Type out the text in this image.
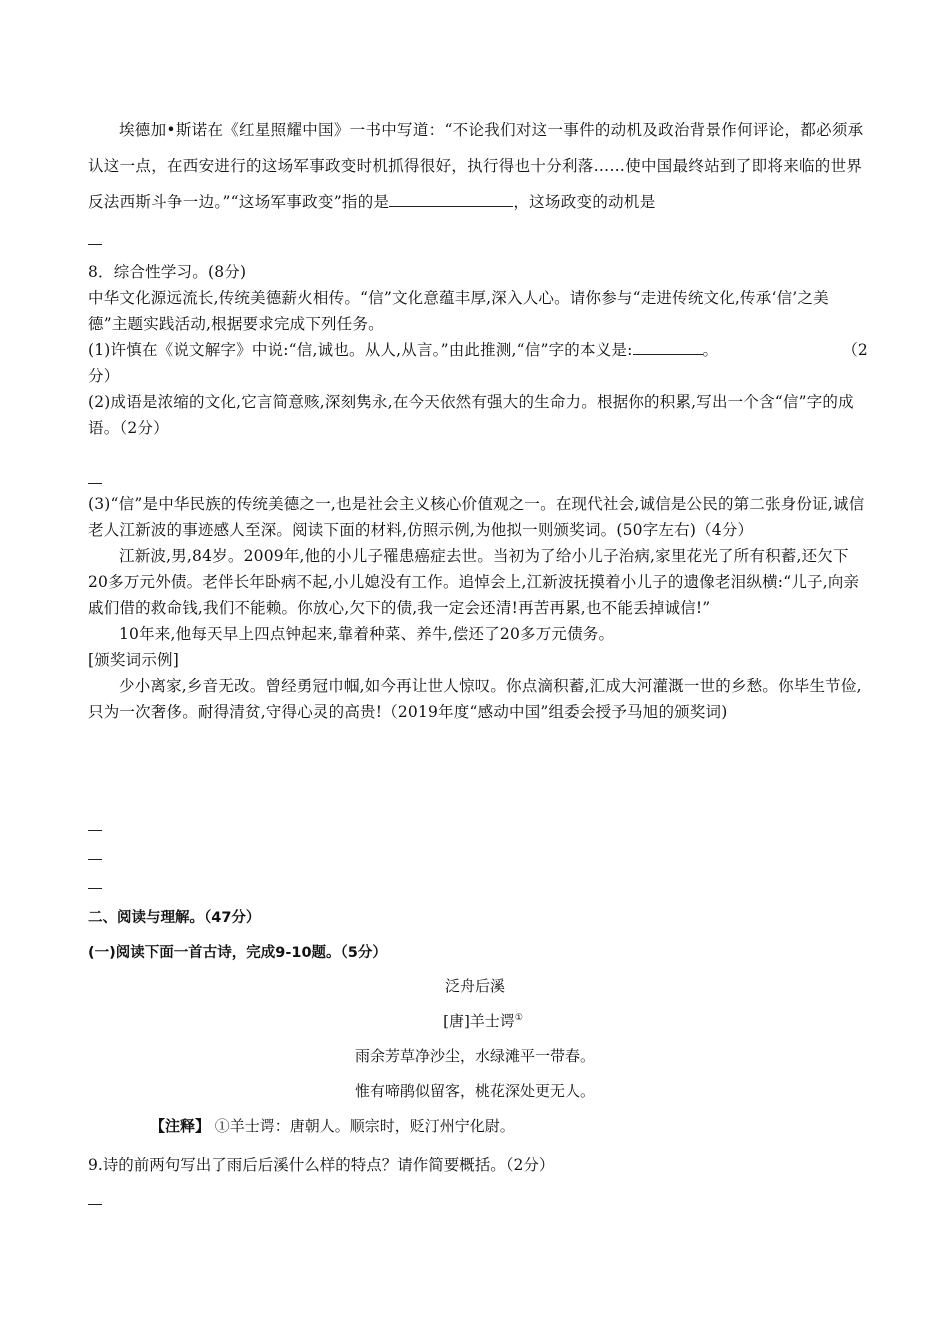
埃德加•斯诺在《红星照耀中国》一书中写道：“不论我们对这一事件的动机及政治背景作何评论，都必须承认这一点，在西安进行的这场军事政变时机抓得很好，执行得也十分利落……使中国最终站到了即将来临的世界反法西斯斗争一边。”“这场军事政变”指的是	，这场政变的动机是
8．综合性学习。(8分)
中华文化源远流长,传统美德薪火相传。“信”文化意蕴丰厚,深入人心。请你参与“走进传统文化,传承‘信’之美德”主题实践活动,根据要求完成下列任务。
(1)许慎在《说文解字》中说:“信,诚也。从人,从言。”由此推测,“信”字的本义是:	。	（2
分）
(2)成语是浓缩的文化,它言简意赅,深刻隽永,在今天依然有强大的生命力。根据你的积累,写出一个含“信”字的成语。（2分）
(3)“信”是中华民族的传统美德之一,也是社会主义核心价值观之一。在现代社会,诚信是公民的第二张身份证,诚信老人江新波的事迹感人至深。阅读下面的材料,仿照示例,为他拟一则颁奖词。(50字左右)（4分）
江新波,男,84岁。2009年,他的小儿子罹患癌症去世。当初为了给小儿子治病,家里花光了所有积蓄,还欠下20多万元外债。老伴长年卧病不起,小儿媳没有工作。追悼会上,江新波抚摸着小儿子的遗像老泪纵横:“儿子,向亲戚们借的救命钱,我们不能赖。你放心,欠下的债,我一定会还清!再苦再累,也不能丢掉诚信!”
10年来,他每天早上四点钟起来,靠着种菜、养牛,偿还了20多万元债务。
[颁奖词示例]
少小离家,乡音无改。曾经勇冠巾帼,如今再让世人惊叹。你点滴积蓄,汇成大河灌溉一世的乡愁。你毕生节俭,只为一次奢侈。耐得清贫,守得心灵的高贵!（2019年度“感动中国”组委会授予马旭的颁奖词)
二、阅读与理解。（47分）
(一)阅读下面一首古诗，完成9-10题。（5分）
泛舟后溪
[唐]羊士谔①
雨余芳草净沙尘，水绿滩平一带春。
惟有啼鹃似留客，桃花深处更无人。
【注释】 ①羊士谔：唐朝人。顺宗时，贬汀州宁化尉。
9.诗的前两句写出了雨后后溪什么样的特点？请作简要概括。（2分）
